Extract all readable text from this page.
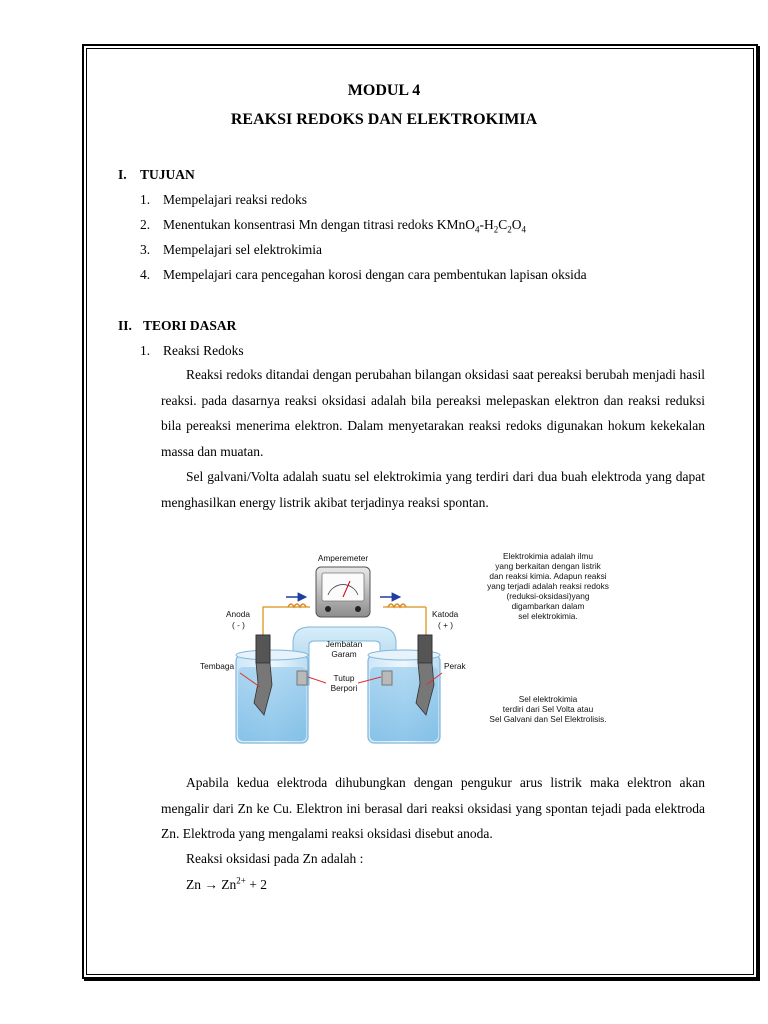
MODUL 4
REAKSI REDOKS DAN ELEKTROKIMIA
I. TUJUAN
1. Mempelajari reaksi redoks
2. Menentukan konsentrasi Mn dengan titrasi redoks $KMnO_4-H_2C_2O_4$
3. Mempelajari sel elektrokimia
4. Mempelajari cara pencegahan korosi dengan cara pembentukan lapisan oksida
II. TEORI DASAR
1. Reaksi Redoks
Reaksi redoks ditandai dengan perubahan bilangan oksidasi saat pereaksi berubah menjadi hasil reaksi. pada dasarnya reaksi oksidasi adalah bila pereaksi melepaskan elektron dan reaksi reduksi bila pereaksi menerima elektron. Dalam menyetarakan reaksi redoks digunakan hokum kekekalan massa dan muatan.
Sel galvani/Volta adalah suatu sel elektrokimia yang terdiri dari dua buah elektroda yang dapat menghasilkan energy listrik akibat terjadinya reaksi spontan.
Amperemeter
Anoda
( - )
Katoda
( + )
Jembatan
Garam
Tembaga	Perak
Tutup
Berpori
Elektrokimia adalah ilmu
yang berkaitan dengan listrik
dan reaksi kimia. Adapun reaksi
yang terjadi adalah reaksi redoks
(reduksi-oksidasi)yang
digambarkan dalam
sel elektrokimia.
Sel elektrokimia
terdiri dari Sel Volta atau
Sel Galvani dan Sel Elektrolisis.
Apabila kedua elektroda dihubungkan dengan pengukur arus listrik maka elektron akan mengalir dari Zn ke Cu. Elektron ini berasal dari reaksi oksidasi yang spontan tejadi pada elektroda Zn. Elektroda yang mengalami reaksi oksidasi disebut anoda.
Reaksi oksidasi pada Zn adalah :
$Zn \to Zn^{2+} + 2$
